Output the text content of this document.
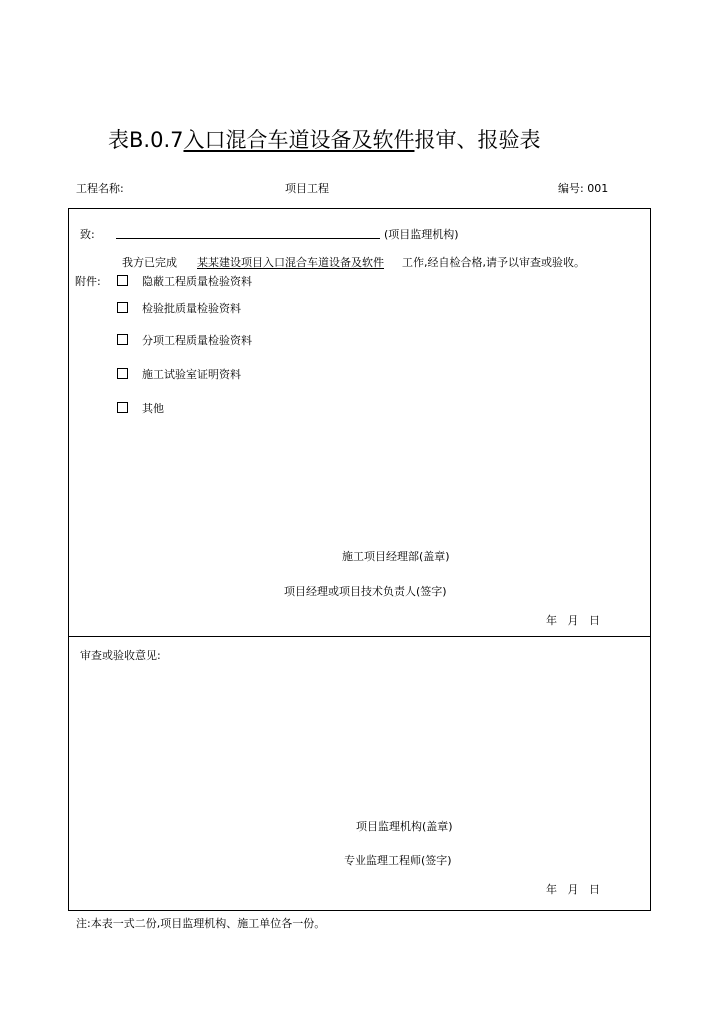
表B.0.7入口混合车道设备及软件报审、报验表
工程名称:	项目工程	编号: 001
致:	(项目监理机构)
我方已完成 某某建设项目入口混合车道设备及软件 工作,经自检合格,请予以审查或验收。
附件:	隐蔽工程质量检验资料
检验批质量检验资料
分项工程质量检验资料
施工试验室证明资料
其他
施工项目经理部(盖章)
项目经理或项目技术负责人(签字)
年   月   日
审查或验收意见:
项目监理机构(盖章)
专业监理工程师(签字)
年   月   日
注:本表一式二份,项目监理机构、施工单位各一份。
